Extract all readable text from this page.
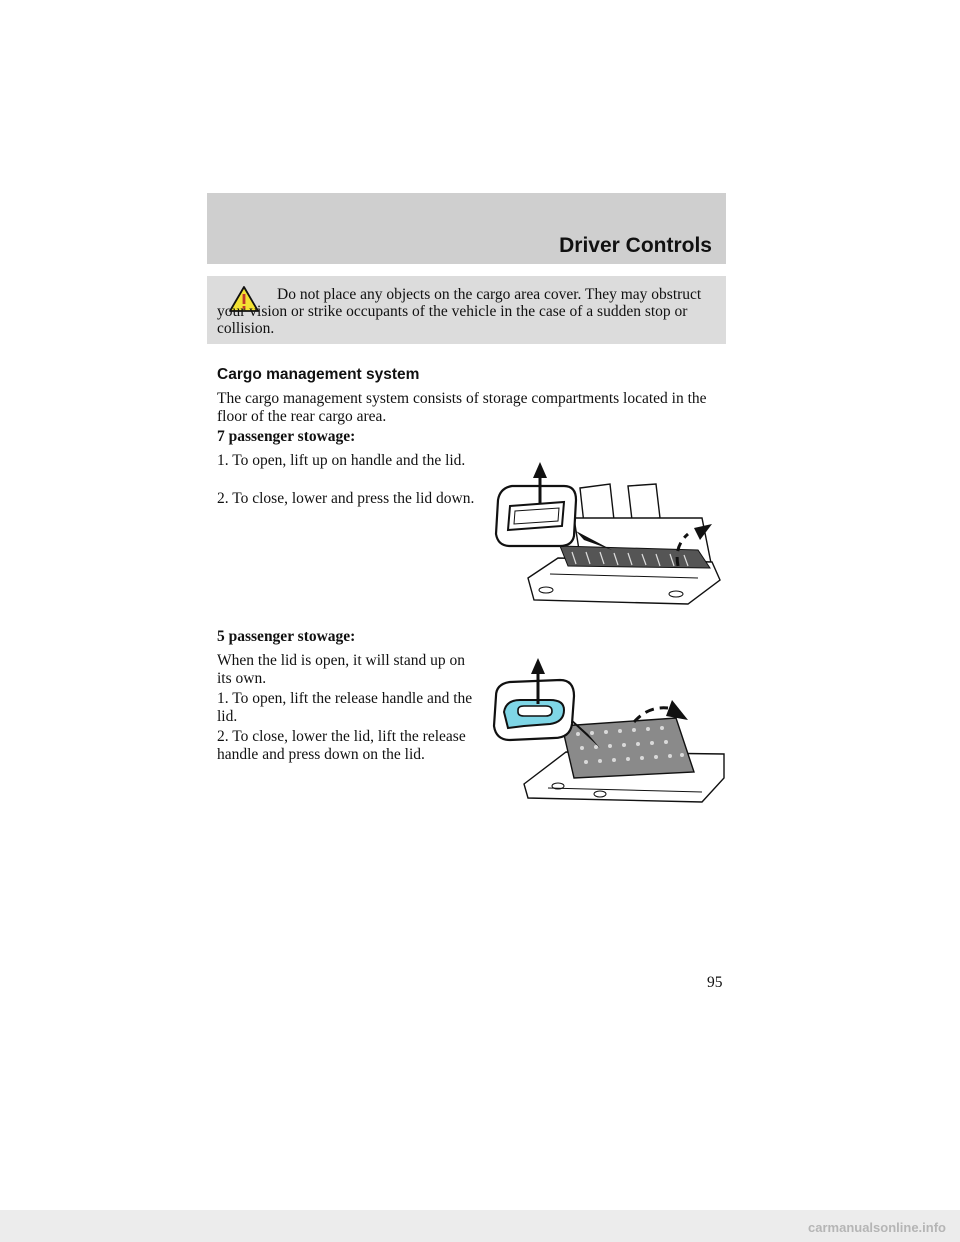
Driver Controls
Do not place any objects on the cargo area cover. They may obstruct your vision or strike occupants of the vehicle in the case of a sudden stop or collision.
Cargo management system

The cargo management system consists of storage compartments located in the floor of the rear cargo area.

7 passenger stowage:

1. To open, lift up on handle and the lid.

2. To close, lower and press the lid down.

5 passenger stowage:

When the lid is open, it will stand up on its own.

1. To open, lift the release handle and the lid.

2. To close, lower the lid, lift the release handle and press down on the lid.

95
carmanualsonline.info
